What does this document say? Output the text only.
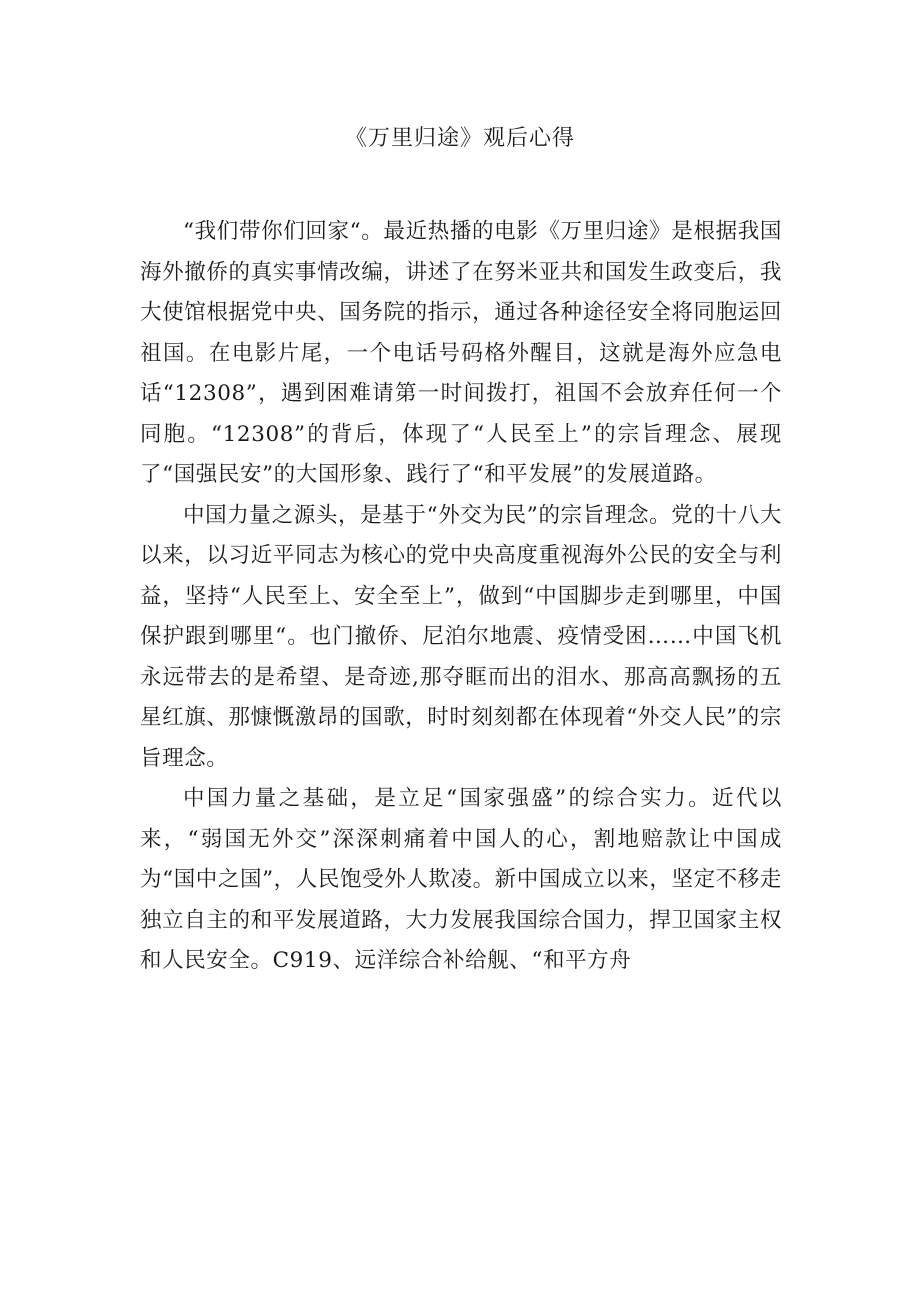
《万里归途》观后心得

“我们带你们回家“。最近热播的电影《万里归途》是根据我国海外撤侨的真实事情改编，讲述了在努米亚共和国发生政变后，我大使馆根据党中央、国务院的指示，通过各种途径安全将同胞运回祖国。在电影片尾，一个电话号码格外醒目，这就是海外应急电话“12308”，遇到困难请第一时间拨打，祖国不会放弃任何一个同胞。“12308”的背后，体现了“人民至上”的宗旨理念、展现了“国强民安”的大国形象、践行了“和平发展”的发展道路。

中国力量之源头，是基于“外交为民”的宗旨理念。党的十八大以来，以习近平同志为核心的党中央高度重视海外公民的安全与利益，坚持“人民至上、安全至上”，做到“中国脚步走到哪里，中国保护跟到哪里“。也门撤侨、尼泊尔地震、疫情受困……中国飞机永远带去的是希望、是奇迹,那夺眶而出的泪水、那高高飘扬的五星红旗、那慷慨激昂的国歌，时时刻刻都在体现着“外交人民”的宗旨理念。

中国力量之基础，是立足“国家强盛”的综合实力。近代以来，“弱国无外交”深深刺痛着中国人的心，割地赔款让中国成为“国中之国”，人民饱受外人欺凌。新中国成立以来，坚定不移走独立自主的和平发展道路，大力发展我国综合国力，捍卫国家主权和人民安全。C919、远洋综合补给舰、“和平方舟
